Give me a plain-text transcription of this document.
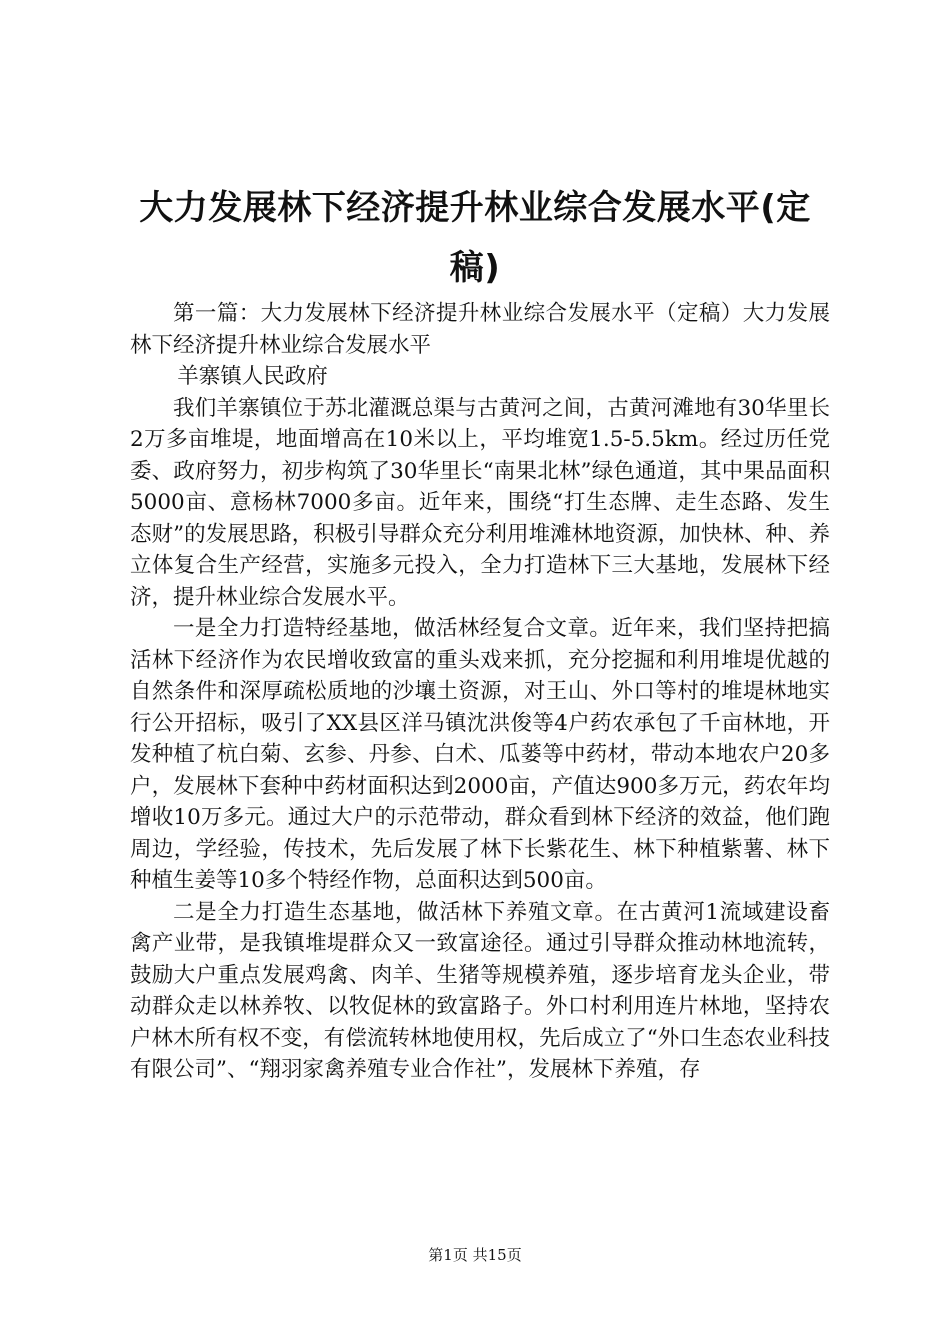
大力发展林下经济提升林业综合发展水平(定稿)

第一篇：大力发展林下经济提升林业综合发展水平（定稿）大力发展林下经济提升林业综合发展水平

羊寨镇人民政府

我们羊寨镇位于苏北灌溉总渠与古黄河之间，古黄河滩地有30华里长2万多亩堆堤，地面增高在10米以上，平均堆宽1.5-5.5km。经过历任党委、政府努力，初步构筑了30华里长“南果北林”绿色通道，其中果品面积5000亩、意杨林7000多亩。近年来，围绕“打生态牌、走生态路、发生态财”的发展思路，积极引导群众充分利用堆滩林地资源，加快林、种、养立体复合生产经营，实施多元投入，全力打造林下三大基地，发展林下经济，提升林业综合发展水平。

一是全力打造特经基地，做活林经复合文章。近年来，我们坚持把搞活林下经济作为农民增收致富的重头戏来抓，充分挖掘和利用堆堤优越的自然条件和深厚疏松质地的沙壤土资源，对王山、外口等村的堆堤林地实行公开招标，吸引了XX县区洋马镇沈洪俊等4户药农承包了千亩林地，开发种植了杭白菊、玄参、丹参、白术、瓜蒌等中药材，带动本地农户20多户，发展林下套种中药材面积达到2000亩，产值达900多万元，药农年均增收10万多元。通过大户的示范带动，群众看到林下经济的效益，他们跑周边，学经验，传技术，先后发展了林下长紫花生、林下种植紫薯、林下种植生姜等10多个特经作物，总面积达到500亩。

二是全力打造生态基地，做活林下养殖文章。在古黄河1流域建设畜禽产业带，是我镇堆堤群众又一致富途径。通过引导群众推动林地流转，鼓励大户重点发展鸡禽、肉羊、生猪等规模养殖，逐步培育龙头企业，带动群众走以林养牧、以牧促林的致富路子。外口村利用连片林地，坚持农户林木所有权不变，有偿流转林地使用权，先后成立了“外口生态农业科技有限公司”、“翔羽家禽养殖专业合作社”，发展林下养殖，存

第1页 共15页
